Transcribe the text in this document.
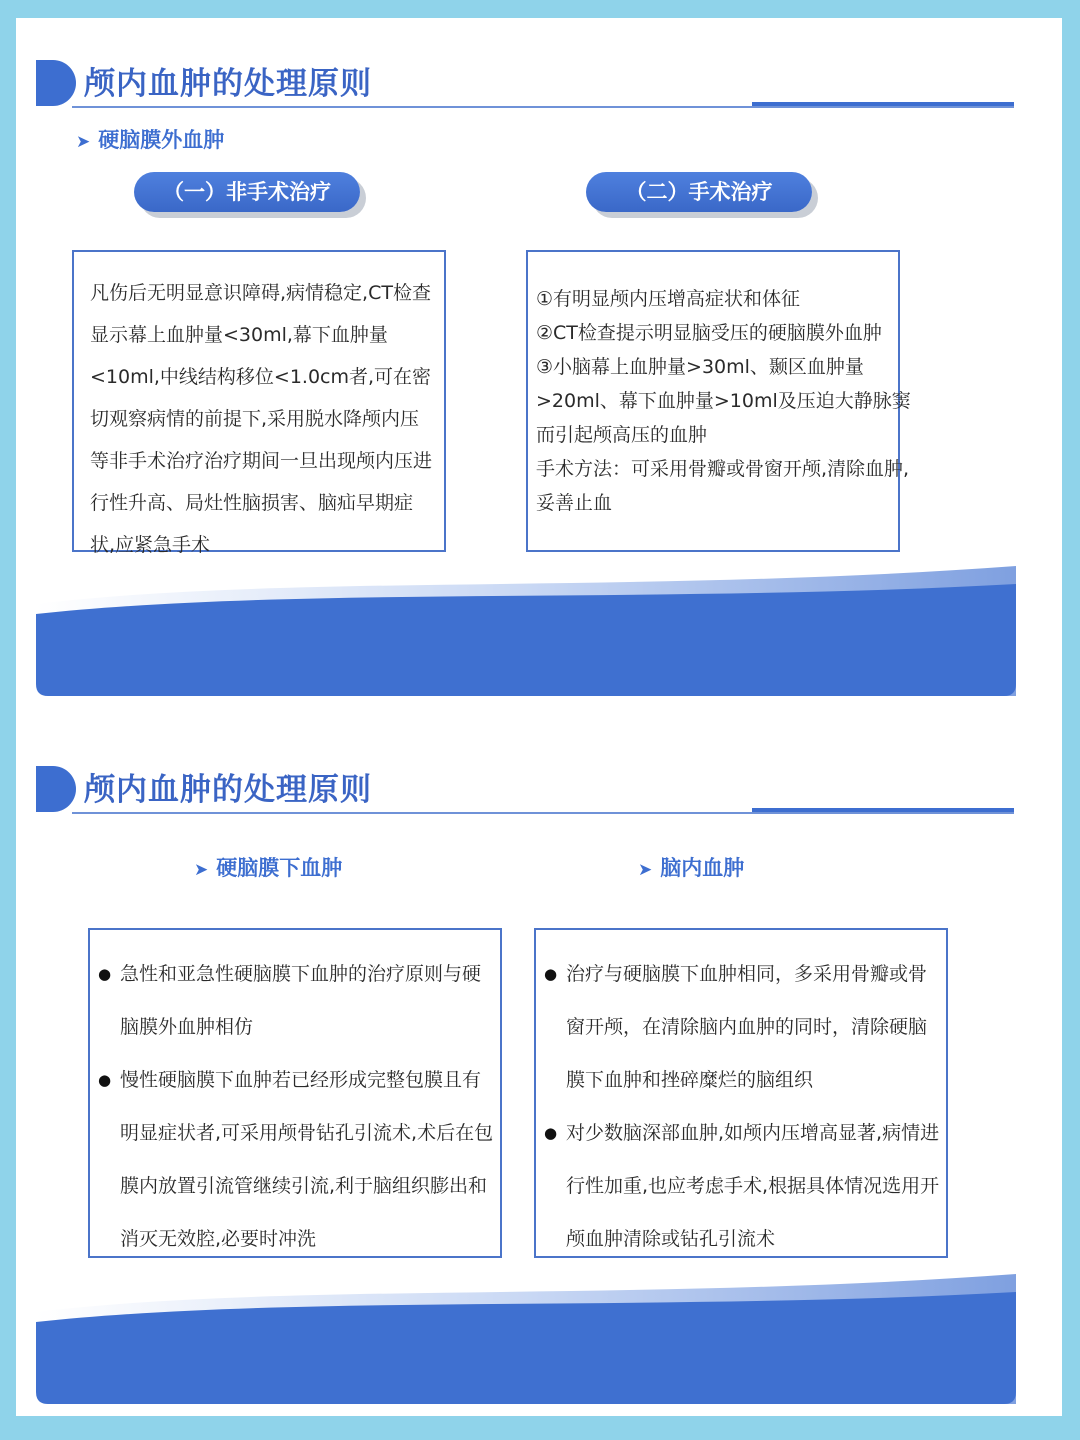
颅内血肿的处理原则
➤ 硬脑膜外血肿
（一）非手术治疗	（二）手术治疗
凡伤后无明显意识障碍,病情稳定,CT检查显示幕上血肿量<30ml,幕下血肿量<10ml,中线结构移位<1.0cm者,可在密切观察病情的前提下,采用脱水降颅内压等非手术治疗治疗期间一旦出现颅内压进行性升高、局灶性脑损害、脑疝早期症状,应紧急手术
①有明显颅内压增高症状和体征
②CT检查提示明显脑受压的硬脑膜外血肿
③小脑幕上血肿量>30ml、颞区血肿量
>20ml、幕下血肿量>10ml及压迫大静脉窦
而引起颅高压的血肿
手术方法：可采用骨瓣或骨窗开颅,清除血肿,
妥善止血
颅内血肿的处理原则
➤ 硬脑膜下血肿	➤ 脑内血肿
● 急性和亚急性硬脑膜下血肿的治疗原则与硬脑膜外血肿相仿
● 慢性硬脑膜下血肿若已经形成完整包膜且有明显症状者,可采用颅骨钻孔引流术,术后在包膜内放置引流管继续引流,利于脑组织膨出和消灭无效腔,必要时冲洗
● 治疗与硬脑膜下血肿相同，多采用骨瓣或骨窗开颅，在清除脑内血肿的同时，清除硬脑膜下血肿和挫碎糜烂的脑组织
● 对少数脑深部血肿,如颅内压增高显著,病情进行性加重,也应考虑手术,根据具体情况选用开颅血肿清除或钻孔引流术
